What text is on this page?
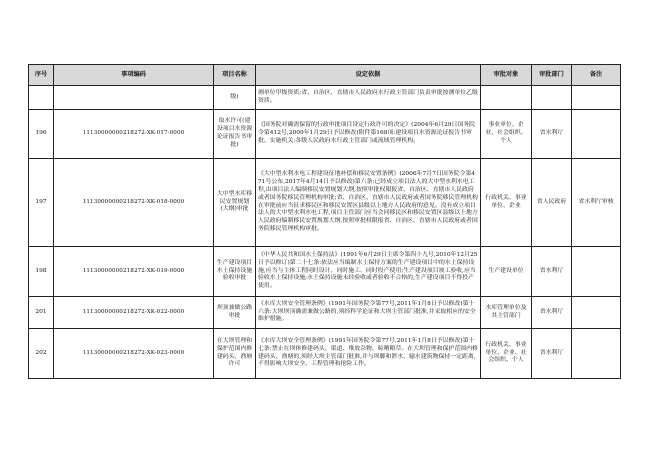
序号	事项编码	项目名称	设定依据	审批对象	审批部门	备注
		级)	测单位甲级资质;省、自治区、直辖市人民政府水行政主管部门负责审批按测单位乙级资质。			
196	11130000000218272-XK-017-0000	取水许可(建设项目水资源论证报告书审批)	《国务院对确需保留的行政审批项目设定行政许可的决定》(2004年6月29日国务院令第412号,2009年1月29日予以修改)附件第168项:建设项目水资源论证报告书审批。实施机关:各级人民政府水行政主管部门或流域管理机构。	事业单位、企业、社会组织、个人	省水利厅	
197	11130000000218272-XK-018-0000	大中型水库移民安置规划(大纲)审批	《大中型水利水电工程建设征地补偿和移民安置条例》(2006年7月7日国务院令第471号公布,2017年4月14日予以修改)第六条:已经成立项目法人的大中型水利水电工程,由项目法人编制移民安置规划大纲,按照审批权限报省、自治区、直辖市人民政府或者国务院移民管理机构审批;省、自治区、直辖市人民政府或者国务院移民管理机构在审批前应当征求移民区和移民安置区县级以上地方人民政府的意见。没有成立项目法人的大中型水利水电工程,项目主管部门应当会同移民区和移民安置区县级以上地方人民政府编制移民安置规划大纲,按照审批权限报省、自治区、直辖市人民政府或者国务院移民管理机构审批。	行政机关、事业单位、企业	省人民政府	省水利厅审核
198	11130000000218272-XK-019-0000	生产建设项目水土保持设施验收审批	《中华人民共和国水土保持法》(1991年6月29日主席令第四十九号,2010年12月25日予以修订)第二十七条:依法应当编制水土保持方案的生产建设项目中的水土保持设施,应当与主体工程同时设计、同时施工、同时投产使用;生产建设项目竣工验收,应当验收水土保持设施;水土保持设施未经验收或者验收不合格的,生产建设项目不得投产使用。	生产建设单位	省水利厅	
201	11130000000218272-XK-022-0000	坝顶兼做公路审批	《水库大坝安全管理条例》(1991年国务院令第77号,2011年1月8日予以修改)第十六条:大坝坝顶确需兼做公路的,须经科学论证和大坝主管部门批准,并采取相应的安全维护措施。	水库管理单位及其主管部门	省水利厅	
202	11130000000218272-XK-023-0000	在大坝管理和保护范围内修建码头、渔塘许可	《水库大坝安全管理条例》(1991年国务院令第77号,2011年1月8日予以修改)第十七条:禁止在坝体修建码头、渠道、堆放杂物、晾晒粮草。在大坝管理和保护范围内修建码头、渔塘的,须经大坝主管部门批准,并与坝脚和泄水、输水建筑物保持一定距离,不得影响大坝安全、工程管理和抢险工作。	行政机关、事业单位、企业、社会组织、个人	省水利厅	
